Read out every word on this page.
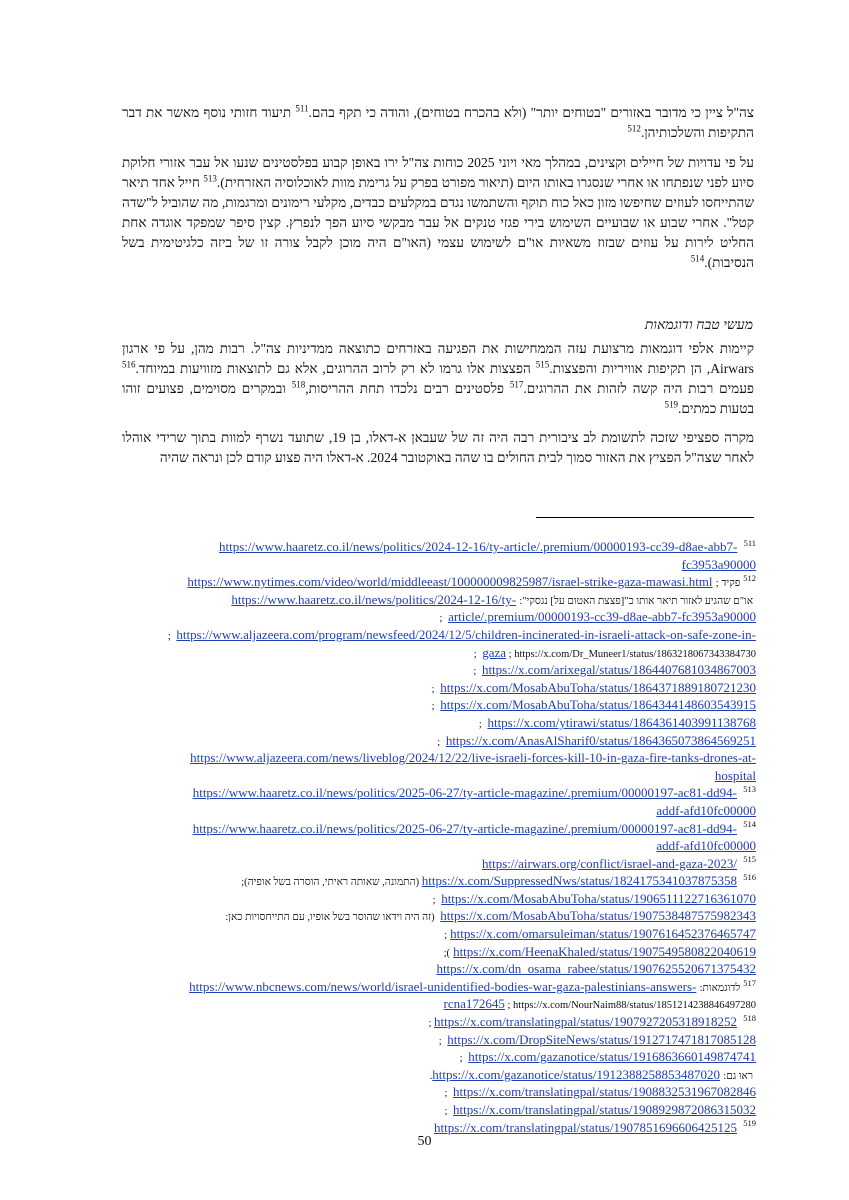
צה"ל ציין כי מדובר באזורים "בטוחים יותר" (ולא בהכרח בטוחים), והודה כי תקף בהם.$^{511}$ תיעוד חזותי נוסף מאשר את דבר התקיפות והשלכותיהן.$^{512}$

על פי עדויות של חיילים וקצינים, במהלך מאי ויוני 2025 כוחות צה"ל ירו באופן קבוע בפלסטינים שנעו אל עבר אזורי חלוקת סיוע לפני שנפתחו או אחרי שנסגרו באותו היום (תיאור מפורט בפרק על גרימת מוות לאוכלוסיה האזרחית).$^{513}$ חייל אחד תיאר שהתייחסו לעוזים שחיפשו מזון כאל כוח תוקף והשתמשו נגדם במקלעים כבדים, מקלעי רימונים ומרגמות, מה שהוביל ל"שדה קטל". אחרי שבוע או שבועיים השימוש בירי פגזי טנקים אל עבר מבקשי סיוע הפך לנפרץ. קצין סיפר שמפקד אוגדה אחת החליט לירות על עוזים שבזוז משאיות או"ם לשימוש עצמי (האו"ם היה מוכן לקבל צורה זו של ביזה כלגיטימית בשל הנסיבות).$^{514}$

מעשי טבח ודוגמאות

קיימות אלפי דוגמאות מרצועת עזה הממחישות את הפגיעה באזרחים כתוצאה ממדיניות צה"ל. רבות מהן, על פי ארגון Airwars, הן תקיפות אוויריות והפצצות.$^{515}$ הפצצות אלו גרמו לא רק לרוב ההרוגים, אלא גם לתוצאות מזוויעות במיוחד.$^{516}$ פעמים רבות היה קשה לזהות את ההרוגים.$^{517}$ פלסטינים רבים נלכדו תחת ההריסות,$^{518}$ ובמקרים מסוימים, פצועים זוהו בטעות כמתים.$^{519}$

מקרה ספציפי שזכה לתשומת לב ציבורית רבה היה זה של שעבאן א-דאלו, בן 19, שתועד נשרף למוות בתוך שרידי אוהלו לאחר שצה"ל הפציץ את האזור סמוך לבית החולים בו שהה באוקטובר 2024. א-דאלו היה פצוע קודם לכן ונראה שהיה

$^{511}$ https://www.haaretz.co.il/news/politics/2024-12-16/ty-article/.premium/00000193-cc39-d8ae-abb7-
fc3953a90000
$^{512}$פקיד ; https://www.nytimes.com/video/world/middleeast/100000009825987/israel-strike-gaza-mawasi.html
או"ם שהגיע לאזור תיאר אותו כ"[פצצת האטום על] נגסקי": https://www.haaretz.co.il/news/politics/2024-12-16/ty-
article/.premium/00000193-cc39-d8ae-abb7-fc3953a90000 ;
https://www.aljazeera.com/program/newsfeed/2024/12/5/children-incinerated-in-israeli-attack-on-safe-zone-in- ;
gaza ; https://x.com/Dr_Muneer1/status/1863218067343384730 ;
https://x.com/arixegal/status/1864407681034867003 ;
https://x.com/MosabAbuToha/status/1864371889180721230 ;
https://x.com/MosabAbuToha/status/1864344148603543915 ;
https://x.com/ytirawi/status/1864361403991138768 ;
https://x.com/AnasAlSharif0/status/1864365073864569251 ;
https://www.aljazeera.com/news/liveblog/2024/12/22/live-israeli-forces-kill-10-in-gaza-fire-tanks-drones-at-
hospital
$^{513}$ https://www.haaretz.co.il/news/politics/2025-06-27/ty-article-magazine/.premium/00000197-ac81-dd94-
addf-afd10fc00000
$^{514}$ https://www.haaretz.co.il/news/politics/2025-06-27/ty-article-magazine/.premium/00000197-ac81-dd94-
addf-afd10fc00000
$^{515}$ https://airwars.org/conflict/israel-and-gaza-2023/
$^{516}$ https://x.com/SuppressedNws/status/1824175341037875358 (התמונה, שאותה ראיתי, הוסרה בשל אופיה);
https://x.com/MosabAbuToha/status/1906511122716361070 ;
https://x.com/MosabAbuToha/status/1907538487575982343 (זה היה וידאו שהוסר בשל אופיו, עם התייחסויות כאן:
https://x.com/omarsuleiman/status/1907616452376465747;
https://x.com/HeenaKhaled/status/1907549580822040619);
https://x.com/dn_osama_rabee/status/1907625520671375432
$^{517}$לדוגמאות: https://www.nbcnews.com/news/world/israel-unidentified-bodies-war-gaza-palestinians-answers-
rcna172645 ; https://x.com/NourNaim88/status/1851214238846497280
$^{518}$ https://x.com/translatingpal/status/1907927205318918252 ;
https://x.com/DropSiteNews/status/1912717471817085128 ;
https://x.com/gazanotice/status/1916863660149874741 ;
ראו גם: https://x.com/gazanotice/status/1912388258853487020.
https://x.com/translatingpal/status/1908832531967082846 ;
https://x.com/translatingpal/status/1908929872086315032 ;
$^{519}$ https://x.com/translatingpal/status/1907851696606425125
50
